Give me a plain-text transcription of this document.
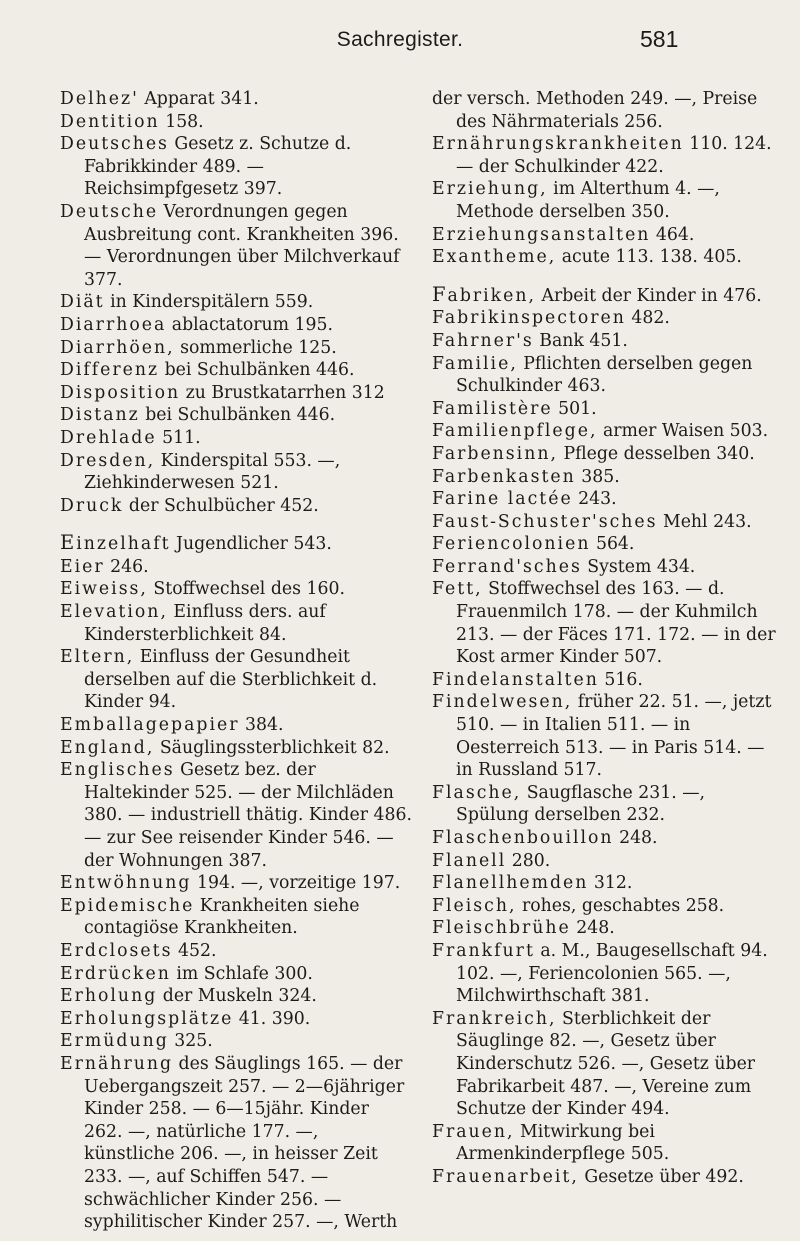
Sachregister.	581

Delhez' Apparat 341.

Dentition 158.

Deutsches Gesetz z. Schutze d. Fabrikkinder 489. — Reichsimpfgesetz 397.

Deutsche Verordnungen gegen Ausbreitung cont. Krankheiten 396. — Verordnungen über Milchverkauf 377.

Diät in Kinderspitälern 559.

Diarrhoea ablactatorum 195.

Diarrhöen, sommerliche 125.

Differenz bei Schulbänken 446.

Disposition zu Brustkatarrhen 312

Distanz bei Schulbänken 446.

Drehlade 511.

Dresden, Kinderspital 553. —, Ziehkinderwesen 521.

Druck der Schulbücher 452.

Einzelhaft Jugendlicher 543.

Eier 246.

Eiweiss, Stoffwechsel des 160.

Elevation, Einfluss ders. auf Kindersterblichkeit 84.

Eltern, Einfluss der Gesundheit derselben auf die Sterblichkeit d. Kinder 94.

Emballagepapier 384.

England, Säuglingssterblichkeit 82.

Englisches Gesetz bez. der Haltekinder 525. — der Milchläden 380. — industriell thätig. Kinder 486. — zur See reisender Kinder 546. — der Wohnungen 387.

Entwöhnung 194. —, vorzeitige 197.

Epidemische Krankheiten siehe contagiöse Krankheiten.

Erdclosets 452.

Erdrücken im Schlafe 300.

Erholung der Muskeln 324.

Erholungsplätze 41. 390.

Ermüdung 325.

Ernährung des Säuglings 165. — der Uebergangszeit 257. — 2—6jähriger Kinder 258. — 6—15jähr. Kinder 262. —, natürliche 177. —, künstliche 206. —, in heisser Zeit 233. —, auf Schiffen 547. — schwächlicher Kinder 256. — syphilitischer Kinder 257. —, Werth

der versch. Methoden 249. —, Preise des Nährmaterials 256.

Ernährungskrankheiten 110. 124. — der Schulkinder 422.

Erziehung, im Alterthum 4. —, Methode derselben 350.

Erziehungsanstalten 464.

Exantheme, acute 113. 138. 405.

Fabriken, Arbeit der Kinder in 476.

Fabrikinspectoren 482.

Fahrner's Bank 451.

Familie, Pflichten derselben gegen Schulkinder 463.

Familistère 501.

Familienpflege, armer Waisen 503.

Farbensinn, Pflege desselben 340.

Farbenkasten 385.

Farine lactée 243.

Faust-Schuster'sches Mehl 243.

Feriencolonien 564.

Ferrand'sches System 434.

Fett, Stoffwechsel des 163. — d. Frauenmilch 178. — der Kuhmilch 213. — der Fäces 171. 172. — in der Kost armer Kinder 507.

Findelanstalten 516.

Findelwesen, früher 22. 51. —, jetzt 510. — in Italien 511. — in Oesterreich 513. — in Paris 514. — in Russland 517.

Flasche, Saugflasche 231. —, Spülung derselben 232.

Flaschenbouillon 248.

Flanell 280.

Flanellhemden 312.

Fleisch, rohes, geschabtes 258.

Fleischbrühe 248.

Frankfurt a. M., Baugesellschaft 94. 102. —, Feriencolonien 565. —, Milchwirthschaft 381.

Frankreich, Sterblichkeit der Säuglinge 82. —, Gesetz über Kinderschutz 526. —, Gesetz über Fabrikarbeit 487. —, Vereine zum Schutze der Kinder 494.

Frauen, Mitwirkung bei Armenkinderpflege 505.

Frauenarbeit, Gesetze über 492.
